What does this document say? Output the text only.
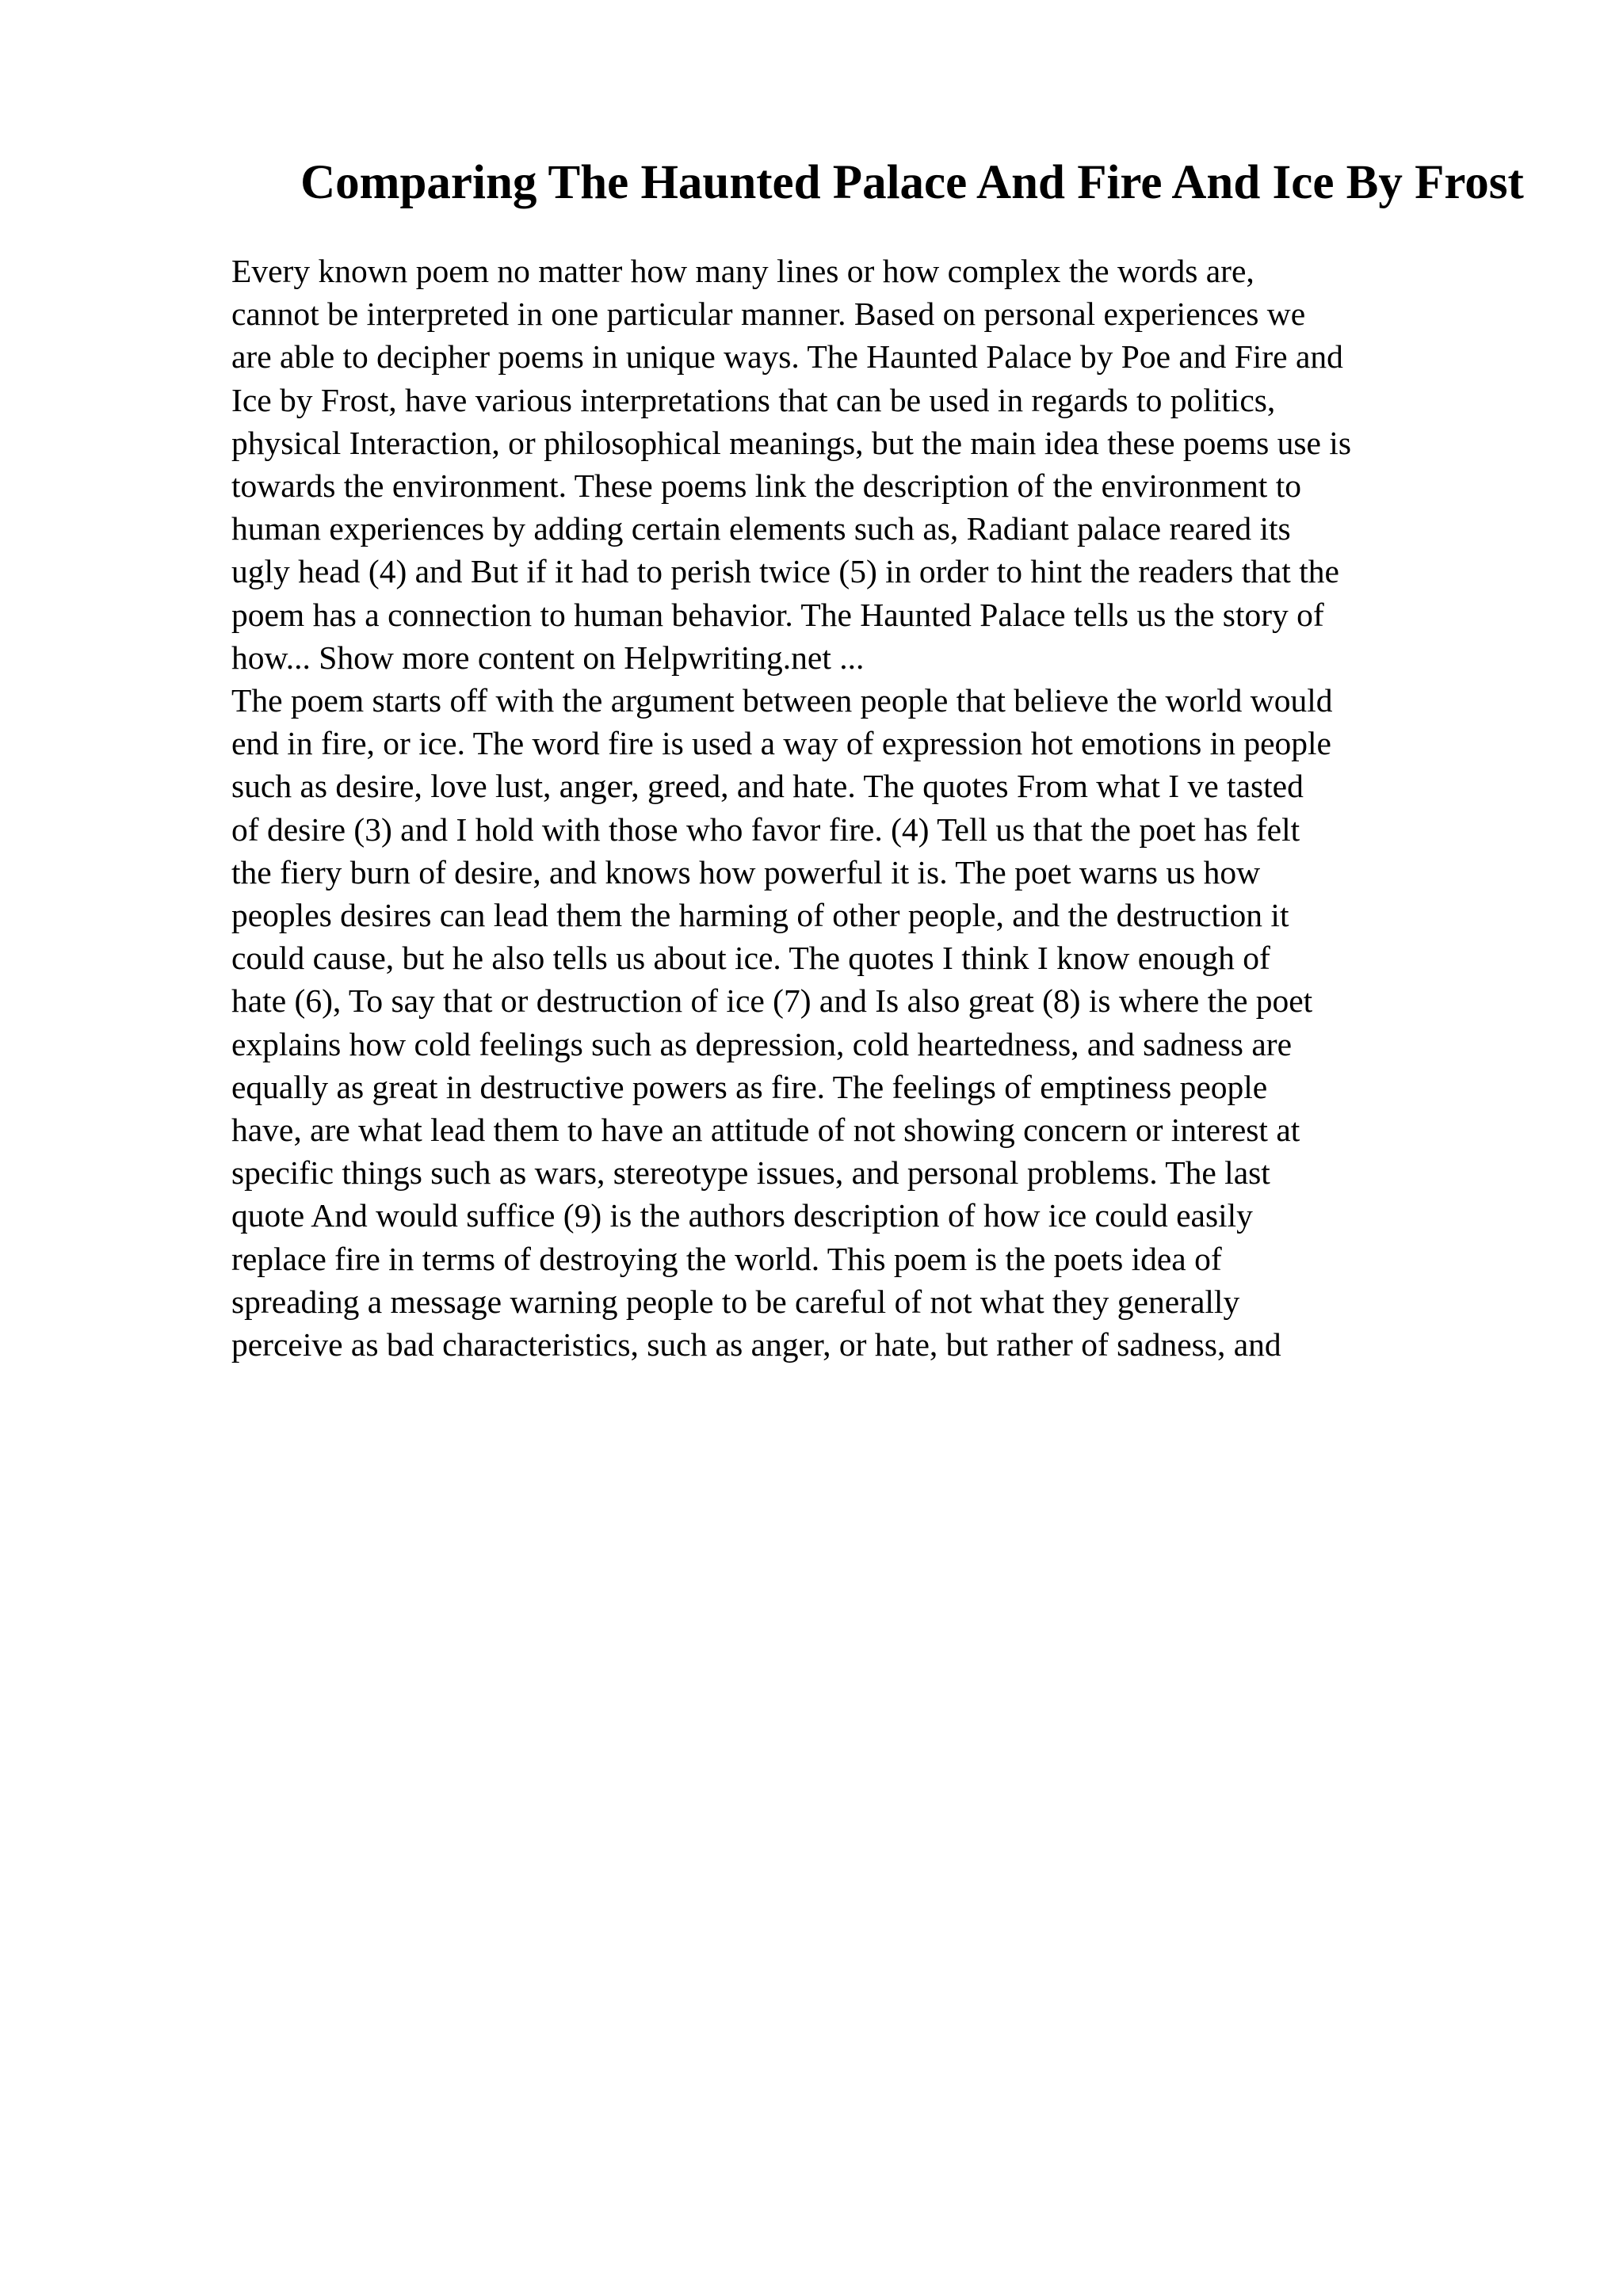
Comparing The Haunted Palace And Fire And Ice By Frost
Every known poem no matter how many lines or how complex the words are,
cannot be interpreted in one particular manner. Based on personal experiences we
are able to decipher poems in unique ways. The Haunted Palace by Poe and Fire and
Ice by Frost, have various interpretations that can be used in regards to politics,
physical Interaction, or philosophical meanings, but the main idea these poems use is
towards the environment. These poems link the description of the environment to
human experiences by adding certain elements such as, Radiant palace reared its
ugly head (4) and But if it had to perish twice (5) in order to hint the readers that the
poem has a connection to human behavior. The Haunted Palace tells us the story of
how... Show more content on Helpwriting.net ...
The poem starts off with the argument between people that believe the world would
end in fire, or ice. The word fire is used a way of expression hot emotions in people
such as desire, love lust, anger, greed, and hate. The quotes From what I ve tasted
of desire (3) and I hold with those who favor fire. (4) Tell us that the poet has felt
the fiery burn of desire, and knows how powerful it is. The poet warns us how
peoples desires can lead them the harming of other people, and the destruction it
could cause, but he also tells us about ice. The quotes I think I know enough of
hate (6), To say that or destruction of ice (7) and Is also great (8) is where the poet
explains how cold feelings such as depression, cold heartedness, and sadness are
equally as great in destructive powers as fire. The feelings of emptiness people
have, are what lead them to have an attitude of not showing concern or interest at
specific things such as wars, stereotype issues, and personal problems. The last
quote And would suffice (9) is the authors description of how ice could easily
replace fire in terms of destroying the world. This poem is the poets idea of
spreading a message warning people to be careful of not what they generally
perceive as bad characteristics, such as anger, or hate, but rather of sadness, and
